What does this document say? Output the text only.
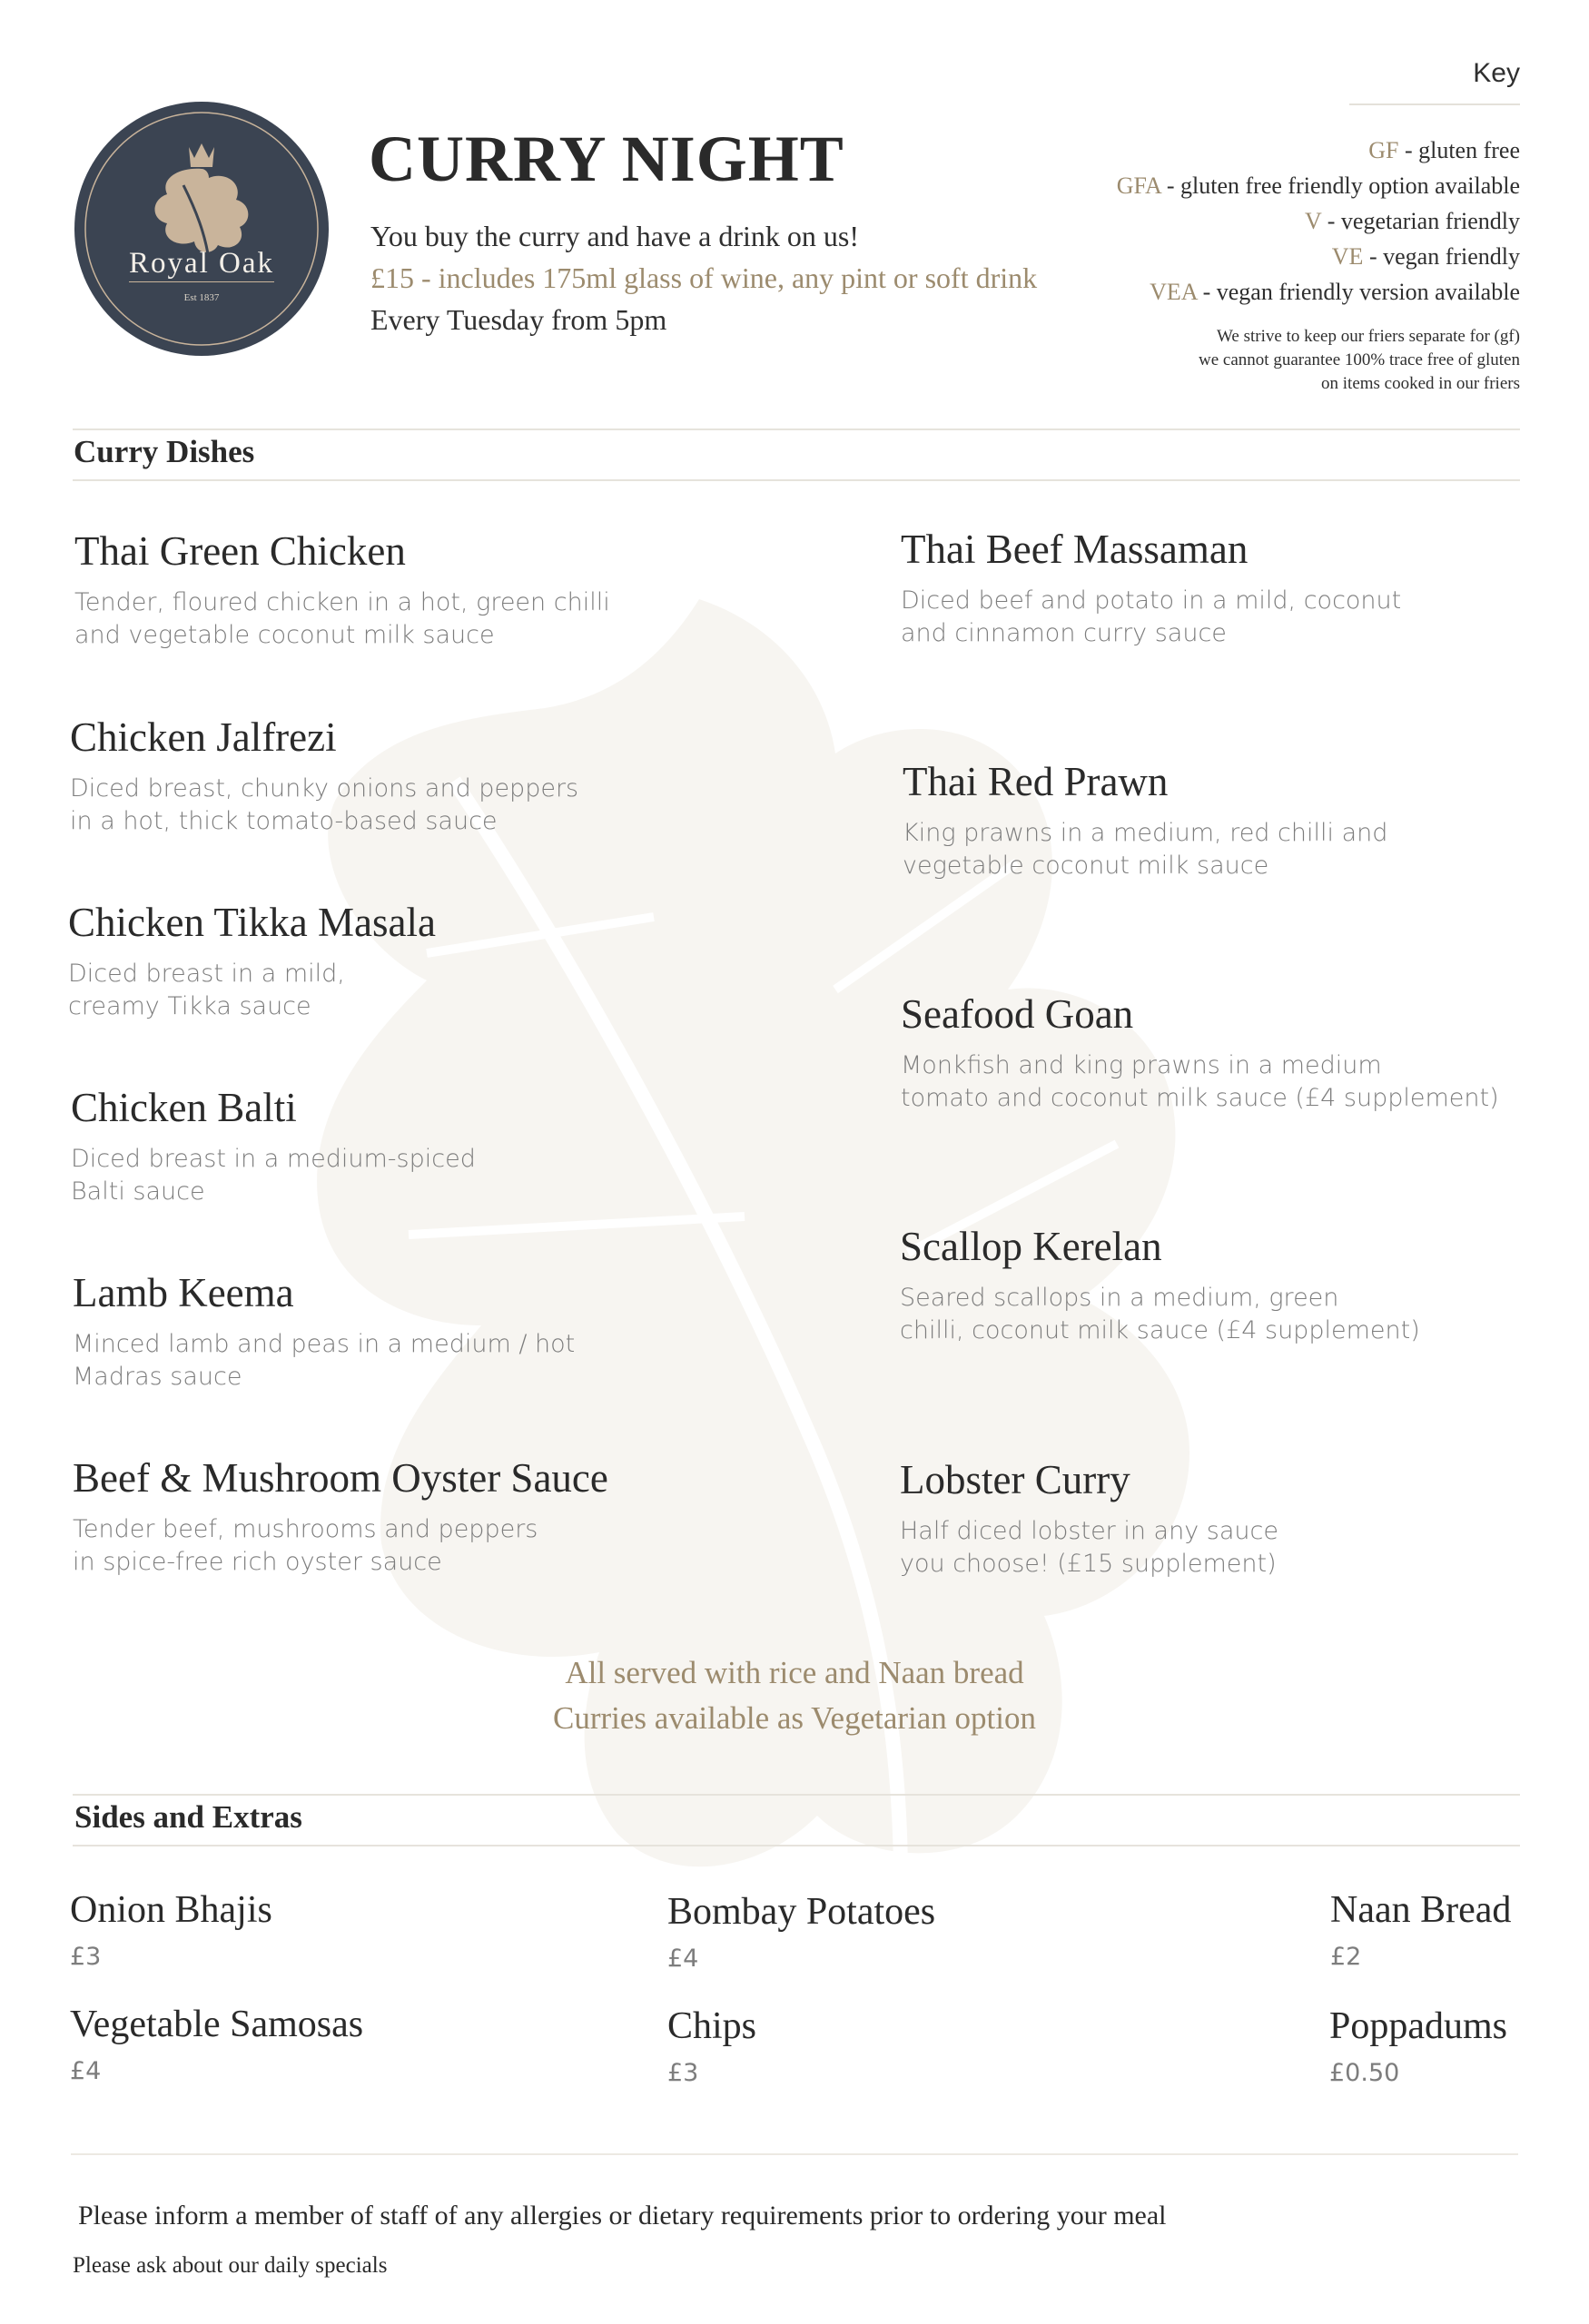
Royal Oak
Est 1837
CURRY NIGHT
You buy the curry and have a drink on us!
£15 - includes 175ml glass of wine, any pint or soft drink
Every Tuesday from 5pm
Key
GF - gluten free
GFA - gluten free friendly option available
V - vegetarian friendly
VE - vegan friendly
VEA - vegan friendly version available
We strive to keep our friers separate for (gf)
we cannot guarantee 100% trace free of gluten
on items cooked in our friers
Curry Dishes
Thai Green Chicken
Tender, floured chicken in a hot, green chilli
and vegetable coconut milk sauce
Chicken Jalfrezi
Diced breast, chunky onions and peppers
in a hot, thick tomato-based sauce
Chicken Tikka Masala
Diced breast in a mild,
creamy Tikka sauce
Chicken Balti
Diced breast in a medium-spiced
Balti sauce
Lamb Keema
Minced lamb and peas in a medium / hot
Madras sauce
Beef & Mushroom Oyster Sauce
Tender beef, mushrooms and peppers
in spice-free rich oyster sauce
Thai Beef Massaman
Diced beef and potato in a mild, coconut
and cinnamon curry sauce
Thai Red Prawn
King prawns in a medium, red chilli and
vegetable coconut milk sauce
Seafood Goan
Monkfish and king prawns in a medium
tomato and coconut milk sauce (£4 supplement)
Scallop Kerelan
Seared scallops in a medium, green
chilli, coconut milk sauce (£4 supplement)
Lobster Curry
Half diced lobster in any sauce
you choose! (£15 supplement)
All served with rice and Naan bread
Curries available as Vegetarian option
Sides and Extras
Onion Bhajis
£3
Bombay Potatoes
£4
Naan Bread
£2
Vegetable Samosas
£4
Chips
£3
Poppadums
£0.50
Please inform a member of staff of any allergies or dietary requirements prior to ordering your meal
Please ask about our daily specials
